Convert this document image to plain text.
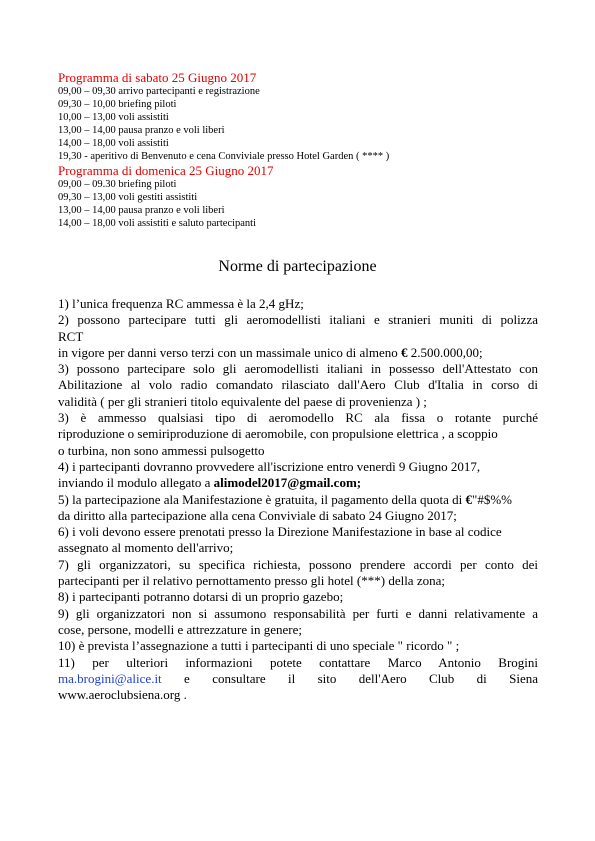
Programma di sabato 25 Giugno 2017
09,00 – 09,30 arrivo partecipanti e registrazione
09,30 – 10,00 briefing piloti
10,00 – 13,00 voli assistiti
13,00 – 14,00 pausa pranzo e voli liberi
14,00 – 18,00 voli assistiti
19,30 - aperitivo di Benvenuto e cena Conviviale presso Hotel Garden ( **** )
Programma di domenica 25 Giugno 2017
09,00 – 09.30 briefing piloti
09,30 – 13,00 voli gestiti assistiti
13,00 – 14,00 pausa pranzo e voli liberi
14,00 – 18,00 voli assistiti e saluto partecipanti
Norme di partecipazione
1) l’unica frequenza RC ammessa è la 2,4 gHz;
2) possono partecipare tutti gli aeromodellisti italiani e stranieri muniti di polizza
RCT
in vigore per danni verso terzi con un massimale unico di almeno € 2.500.000,00;
3) possono partecipare solo gli aeromodellisti italiani in possesso dell'Attestato con
Abilitazione al volo radio comandato rilasciato dall'Aero Club d'Italia in corso di
validità ( per gli stranieri titolo equivalente del paese di provenienza ) ;
3) è ammesso qualsiasi tipo di aeromodello RC ala fissa o rotante purché
riproduzione o semiriproduzione di aeromobile, con propulsione elettrica , a scoppio
o turbina, non sono ammessi pulsogetto
4) i partecipanti dovranno provvedere all'iscrizione entro venerdì 9 Giugno 2017,
inviando il modulo allegato a alimodel2017@gmail.com;
5) la partecipazione ala Manifestazione è gratuita, il pagamento della quota di €"#$%%
da diritto alla partecipazione alla cena Conviviale di sabato 24 Giugno 2017;
6) i voli devono essere prenotati presso la Direzione Manifestazione in base al codice
assegnato al momento dell'arrivo;
7) gli organizzatori, su specifica richiesta, possono prendere accordi per conto dei
partecipanti per il relativo pernottamento presso gli hotel (***) della zona;
8) i partecipanti potranno dotarsi di un proprio gazebo;
9) gli organizzatori non si assumono responsabilità per furti e danni relativamente a
cose, persone, modelli e attrezzature in genere;
10) è prevista l’assegnazione a tutti i partecipanti di uno speciale " ricordo " ;
11) per ulteriori informazioni potete contattare Marco Antonio Brogini
ma.brogini@alice.it e consultare il sito dell'Aero Club di Siena
www.aeroclubsiena.org .
